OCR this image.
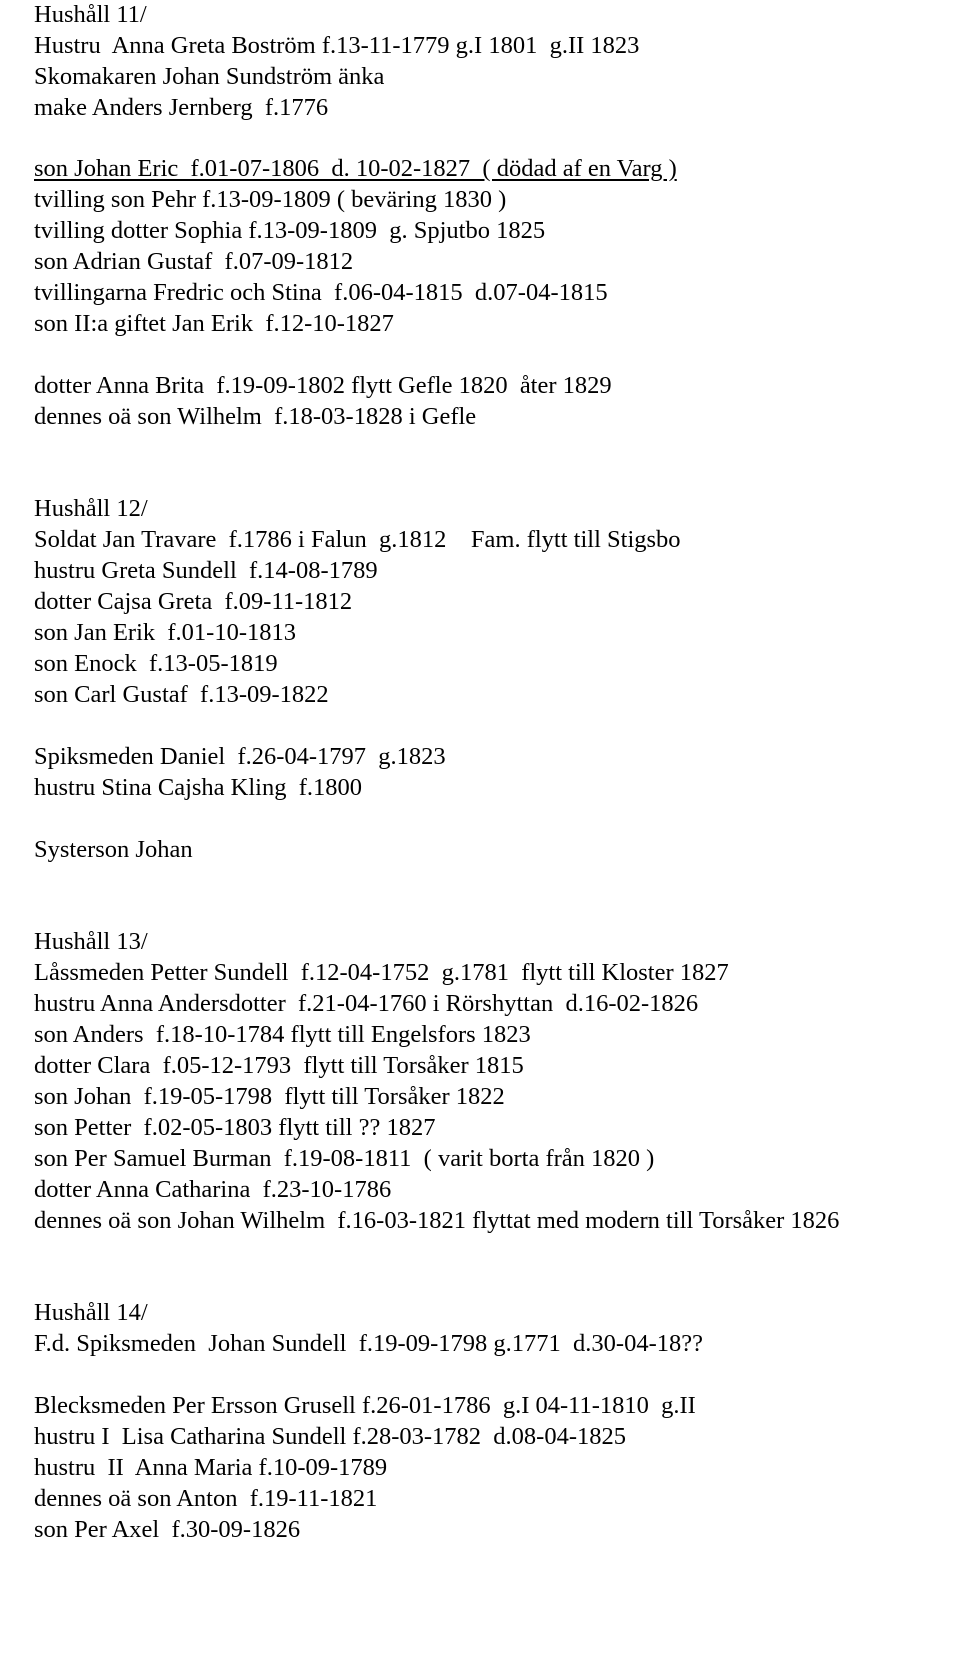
Hushåll 11/
Hustru  Anna Greta Boström f.13-11-1779 g.I 1801  g.II 1823
Skomakaren Johan Sundström änka
make Anders Jernberg  f.1776
son Johan Eric  f.01-07-1806  d. 10-02-1827  ( dödad af en Varg )
tvilling son Pehr f.13-09-1809 ( beväring 1830 )
tvilling dotter Sophia f.13-09-1809  g. Spjutbo 1825
son Adrian Gustaf  f.07-09-1812
tvillingarna Fredric och Stina  f.06-04-1815  d.07-04-1815
son II:a giftet Jan Erik  f.12-10-1827
dotter Anna Brita  f.19-09-1802 flytt Gefle 1820  åter 1829
dennes oä son Wilhelm  f.18-03-1828 i Gefle
Hushåll 12/
Soldat Jan Travare  f.1786 i Falun  g.1812    Fam. flytt till Stigsbo
hustru Greta Sundell  f.14-08-1789
dotter Cajsa Greta  f.09-11-1812
son Jan Erik  f.01-10-1813
son Enock  f.13-05-1819
son Carl Gustaf  f.13-09-1822
Spiksmeden Daniel  f.26-04-1797  g.1823
hustru Stina Cajsha Kling  f.1800
Systerson Johan
Hushåll 13/
Låssmeden Petter Sundell  f.12-04-1752  g.1781  flytt till Kloster 1827
hustru Anna Andersdotter  f.21-04-1760 i Rörshyttan  d.16-02-1826
son Anders  f.18-10-1784 flytt till Engelsfors 1823
dotter Clara  f.05-12-1793  flytt till Torsåker 1815
son Johan  f.19-05-1798  flytt till Torsåker 1822
son Petter  f.02-05-1803 flytt till ?? 1827
son Per Samuel Burman  f.19-08-1811  ( varit borta från 1820 )
dotter Anna Catharina  f.23-10-1786
dennes oä son Johan Wilhelm  f.16-03-1821 flyttat med modern till Torsåker 1826
Hushåll 14/
F.d. Spiksmeden  Johan Sundell  f.19-09-1798 g.1771  d.30-04-18??
Blecksmeden Per Ersson Grusell f.26-01-1786  g.I 04-11-1810  g.II
hustru I  Lisa Catharina Sundell f.28-03-1782  d.08-04-1825
hustru  II  Anna Maria f.10-09-1789
dennes oä son Anton  f.19-11-1821
son Per Axel  f.30-09-1826
